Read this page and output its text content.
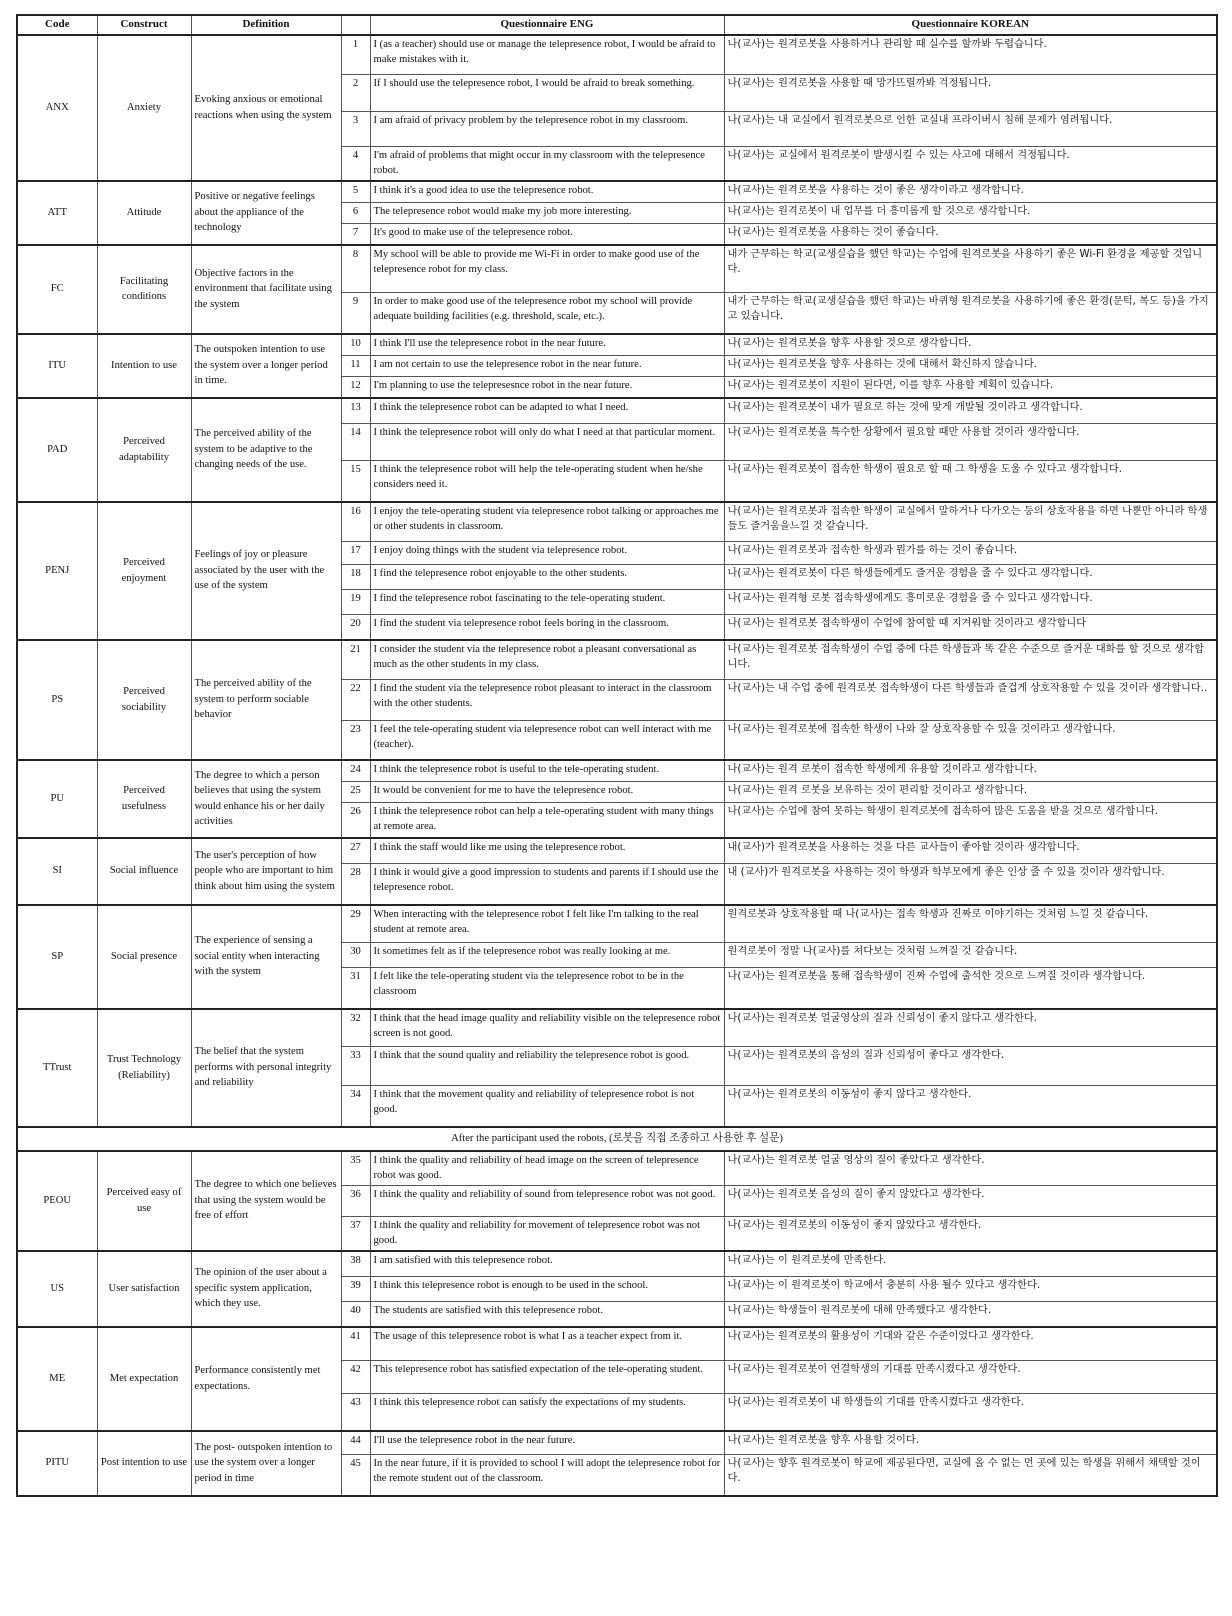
Code	Construct	Definition		Questionnaire ENG	Questionnaire KOREAN
ANX	Anxiety	Evoking anxious or emotional reactions when using the system	1	I (as a teacher) should use or manage the telepresence robot, I would be afraid to make mistakes with it.	나(교사)는 원격로봇을 사용하거나 관리할 때 실수를 할까봐 두렵습니다.
			2	If I should use the telepresence robot, I would be afraid to break something.	나(교사)는 원격로봇을 사용할 때 망가뜨릴까봐 걱정됩니다.
			3	I am afraid of privacy problem by the telepresence robot in my classroom.	나(교사)는 내 교실에서 원격로봇으로 인한 교실내 프라이버시 침해 문제가 염려됩니다.
			4	I'm afraid of problems that might occur in my classroom with the telepresence robot.	나(교사)는 교실에서 원격로봇이 발생시킬 수 있는 사고에 대해서 걱정됩니다.
ATT	Attitude	Positive or negative feelings about the appliance of the technology	5	I think it's a good idea to use the telepresence robot.	나(교사)는 원격로봇을 사용하는 것이 좋은 생각이라고 생각합니다.
			6	The telepresence robot would make my job more interesting.	나(교사)는 원격로봇이 내 업무를 더 흥미롭게 할 것으로 생각합니다.
			7	It's good to make use of the telepresence robot.	나(교사)는 원격로봇을 사용하는 것이 좋습니다.
FC	Facilitating conditions	Objective factors in the environment that facilitate using the system	8	My school will be able to provide me Wi-Fi in order to make good use of the telepresence robot for my class.	내가 근무하는 학교(교생실습을 했던 학교)는 수업에 원격로봇을 사용하기 좋은 Wi-Fi 환경을 제공할 것입니다.
			9	In order to make good use of the telepresence robot my school will provide adequate building facilities (e.g. threshold, scale, etc.).	내가 근무하는 학교(교생실습을 했던 학교)는 바퀴형 원격로봇을 사용하기에 좋은 환경(문턱, 복도 등)을 가지고 있습니다.
ITU	Intention to use	The outspoken intention to use the system over a longer period in time.	10	I think I'll use the telepresence robot in the near future.	나(교사)는 원격로봇을 향후 사용할 것으로 생각합니다.
			11	I am not certain to use the telepresence robot in the near future.	나(교사)는 원격로봇을 향후 사용하는 것에 대해서 확신하지 않습니다.
			12	I'm planning to use the telepresesnce robot in the near future.	나(교사)는 원격로봇이 지원이 된다면, 이를 향후 사용할 계획이 있습니다.
PAD	Perceived adaptability	The perceived ability of the system to be adaptive to the changing needs of the use.	13	I think the telepresence robot can be adapted to what I need.	나(교사)는 원격로봇이 내가 필요로 하는 것에 맞게 개발될 것이라고 생각합니다.
			14	I think the telepresence robot will only do what I need at that particular moment.	나(교사)는 원격로봇을 특수한 상황에서 필요할 때만 사용할 것이라 생각합니다.
			15	I think the telepresence robot will help the tele-operating student when he/she considers need it.	나(교사)는 원격로봇이 접속한 학생이 필요로 할 때 그 학생을 도울 수 있다고 생각합니다.
PENJ	Perceived enjoyment	Feelings of joy or pleasure associated by the user with the use of the system	16	I enjoy the tele-operating student via telepresence robot talking or approaches me or other students in classroom.	나(교사)는 원격로봇과 접속한 학생이 교실에서 말하거나 다가오는 등의 상호작용을 하면 나뿐만 아니라 학생들도 즐거움을느낄 것 같습니다.
			17	I enjoy doing things with the student via telepresence robot.	나(교사)는 원격로봇과 접속한 학생과 뭔가를 하는 것이 좋습니다.
			18	I find the telepresence robot enjoyable to the other students.	나(교사)는 원격로봇이 다른 학생들에게도 즐거운 경험을 줄 수 있다고 생각합니다.
			19	I find the telepresence robot fascinating to the tele-operating student.	나(교사)는 원격형 로봇 접속학생에게도 흥미로운 경험을 줄 수 있다고 생각합니다.
			20	I find the student via telepresence robot feels boring in the classroom.	나(교사)는 원격로봇 접속학생이 수업에 참여할 때 지겨워할 것이라고 생각합니다
PS	Perceived sociability	The perceived ability of the system to perform sociable behavior	21	I consider the student via the telepresence robot a pleasant conversational as much as the other students in my class.	나(교사)는 원격로봇 접속학생이 수업 중에 다른 학생들과 똑 같은 수준으로 즐거운 대화를 할 것으로 생각합니다.
			22	I find the student via the telepresence robot pleasant to interact in the classroom with the other students.	나(교사)는 내 수업 중에 원격로봇 접속학생이 다른 학생들과 즐겁게 상호작용할 수 있을 것이라 생각합니다..
			23	I feel the tele-operating student via telepresence robot can well interact with me (teacher).	나(교사)는 원격로봇에 접속한 학생이 나와 잘 상호작용할 수 있을 것이라고 생각합니다.
PU	Perceived usefulness	The degree to which a person believes that using the system would enhance his or her daily activities	24	I think the telepresence robot is useful to the tele-operating student.	나(교사)는 원격 로봇이 접속한 학생에게 유용할 것이라고 생각합니다.
			25	It would be convenient for me to have the telepresence robot.	나(교사)는 원격 로봇을 보유하는 것이 편리할 것이라고 생각합니다.
			26	I think the telepresence robot can help a tele-operating student with many things at remote area.	나(교사)는 수업에 참여 못하는 학생이 원격로봇에 접속하여 많은 도움을 받을 것으로 생각합니다.
SI	Social influence	The user's perception of how people who are important to him think about him using the system	27	I think the staff would like me using the telepresence robot.	내(교사)가 원격로봇을 사용하는 것을 다른 교사들이 좋아할 것이라 생각합니다.
			28	I think it would give a good impression to students and parents if I should use the telepresence robot.	내 (교사)가 원격로봇을 사용하는 것이 학생과 학부모에게 좋은 인상 줄 수 있을 것이라 생각합니다.
SP	Social presence	The experience of sensing a social entity when interacting with the system	29	When interacting with the telepresence robot I felt like I'm talking to the real student at remote area.	원격로봇과 상호작용할 때 나(교사)는 접속 학생과 진짜로 이야기하는 것처럼 느낄 것 같습니다.
			30	It sometimes felt as if the telepresence robot was really looking at me.	원격로봇이 정말 나(교사)를 쳐다보는 것처럼 느껴질 것 같습니다.
			31	I felt like the tele-operating student via the telepresence robot to be in the classroom	나(교사)는 원격로봇을 통해 접속학생이 진짜 수업에 출석한 것으로 느껴질 것이라 생각합니다.
TTrust	Trust Technology (Reliability)	The belief that the system performs with personal integrity and reliability	32	I think that the head image quality and reliability visible on the telepresence robot screen is not good.	나(교사)는 원격로봇 얼굴영상의 질과 신뢰성이 좋지 않다고 생각한다.
			33	I think that the sound quality and reliability the telepresence robot is good.	나(교사)는 원격로봇의 음성의 질과 신뢰성이 좋다고 생각한다.
			34	I think that the movement quality and reliability of telepresence robot is not good.	나(교사)는 원격로봇의 이동성이 좋지 않다고 생각한다.
After the participant used the robots, (로봇을 직접 조종하고 사용한 후 설문)					
PEOU	Perceived easy of use	The degree to which one believes that using the system would be free of effort	35	I think the quality and reliability of head image on the screen of telepresence robot was good.	나(교사)는 원격로봇 얼굴 영상의 질이 좋았다고 생각한다.
			36	I think the quality and reliability of sound from telepresence robot was not good.	나(교사)는 원격로봇 음성의 질이 좋지 않았다고 생각한다.
			37	I think the quality and reliability for movement of telepresence robot was not good.	나(교사)는 원격로봇의 이동성이 좋지 않았다고 생각한다.
US	User satisfaction	The opinion of the user about a specific system application, which they use.	38	I am satisfied with this telepresence robot.	나(교사)는 이 원격로봇에 만족한다.
			39	I think this telepresence robot is enough to be used in the school.	나(교사)는 이 원격로봇이 학교에서 충분히 사용 될수 있다고 생각한다.
			40	The students are satisfied with this telepresence robot.	나(교사)는 학생들이 원격로봇에 대해 만족했다고 생각한다.
ME	Met expectation	Performance consistently met expectations.	41	The usage of this telepresence robot is what I as a teacher expect from it.	나(교사)는 원격로봇의 활용성이 기대와 같은 수준이었다고 생각한다.
			42	This telepresence robot has satisfied expectation of the tele-operating student.	나(교사)는 원격로봇이 연결학생의 기대를 만족시켰다고 생각한다.
			43	I think this telepresence robot can satisfy the expectations of my students.	나(교사)는 원격로봇이 내 학생들의 기대를 만족시켰다고 생각한다.
PITU	Post intention to use	The post- outspoken intention to use the system over a longer period in time	44	I'll use the telepresence robot in the near future.	나(교사)는 원격로봇을 향후 사용할 것이다.
			45	In the near future, if it is provided to school I will adopt the telepresence robot for the remote student out of the classroom.	나(교사)는 향후 원격로봇이 학교에 제공된다면, 교실에 올 수 없는 먼 곳에 있는 학생을 위해서 채택할 것이다.
